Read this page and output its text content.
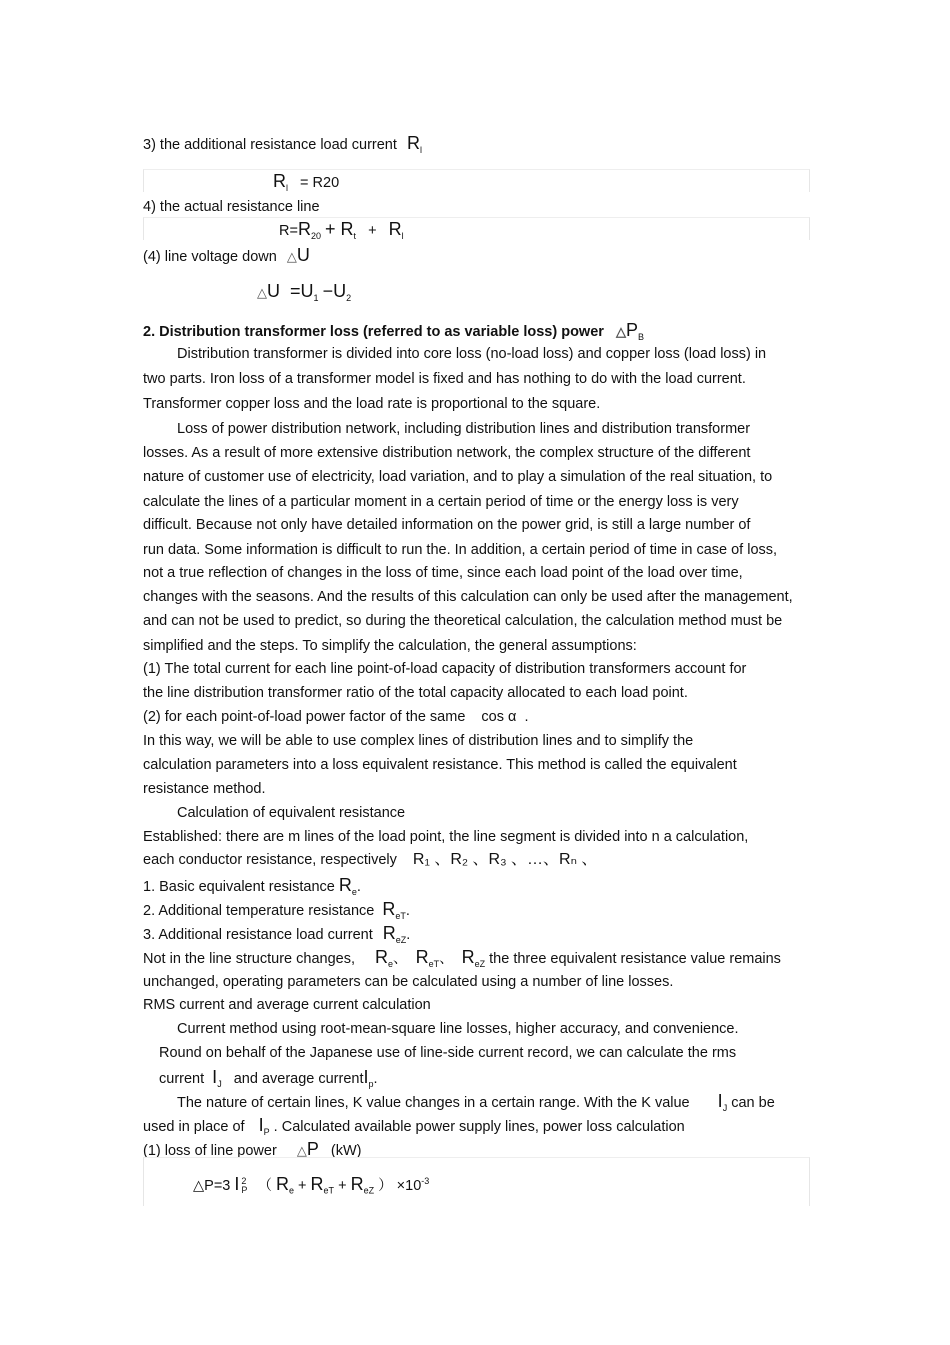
3) the additional resistance load current $R_l$
$R_l = R20$
4) the actual resistance line
$R=R_{20} + R_t + R_l$
(4) line voltage down △U
△U $=U_1 -U_2$
2. Distribution transformer loss (referred to as variable loss) power $\triangle P_B$
Distribution transformer is divided into core loss (no-load loss) and copper loss (load loss) in
two parts. Iron loss of a transformer model is fixed and has nothing to do with the load current.
Transformer copper loss and the load rate is proportional to the square.
Loss of power distribution network, including distribution lines and distribution transformer
losses. As a result of more extensive distribution network, the complex structure of the different
nature of customer use of electricity, load variation, and to play a simulation of the real situation, to
calculate the lines of a particular moment in a certain period of time or the energy loss is very
difficult. Because not only have detailed information on the power grid, is still a large number of
run data. Some information is difficult to run the. In addition, a certain period of time in case of loss,
not a true reflection of changes in the loss of time, since each load point of the load over time,
changes with the seasons. And the results of this calculation can only be used after the management,
and can not be used to predict, so during the theoretical calculation, the calculation method must be
simplified and the steps. To simplify the calculation, the general assumptions:
(1) The total current for each line point-of-load capacity of distribution transformers account for
the line distribution transformer ratio of the total capacity allocated to each load point.
(2) for each point-of-load power factor of the same cos α .
In this way, we will be able to use complex lines of distribution lines and to simplify the
calculation parameters into a loss equivalent resistance. This method is called the equivalent
resistance method.
Calculation of equivalent resistance
Established: there are m lines of the load point, the line segment is divided into n a calculation,
each conductor resistance, respectively R₁ 、R₂ 、R₃ 、…、Rₙ 、
1. Basic equivalent resistance $R_e$.
2. Additional temperature resistance $R_{eT}$.
3. Additional resistance load current $R_{eZ}$.
Not in the line structure changes, $R_e$、 $R_{eT}$、 $R_{eZ}$ the three equivalent resistance value remains
unchanged, operating parameters can be calculated using a number of line losses.
RMS current and average current calculation
Current method using root-mean-square line losses, higher accuracy, and convenience.
Round on behalf of the Japanese use of line-side current record, we can calculate the rms
current $I_J$ and average currentI$_p$.
The nature of certain lines, K value changes in a certain range. With the K value $I_J$ can be
used in place of $I_P$ . Calculated available power supply lines, power loss calculation
(1) loss of line power △P (kW)
△P=3 I 2
P （ $R_e + R_{eT} + R_{eZ}$ ） $\times 10^{-3}$
